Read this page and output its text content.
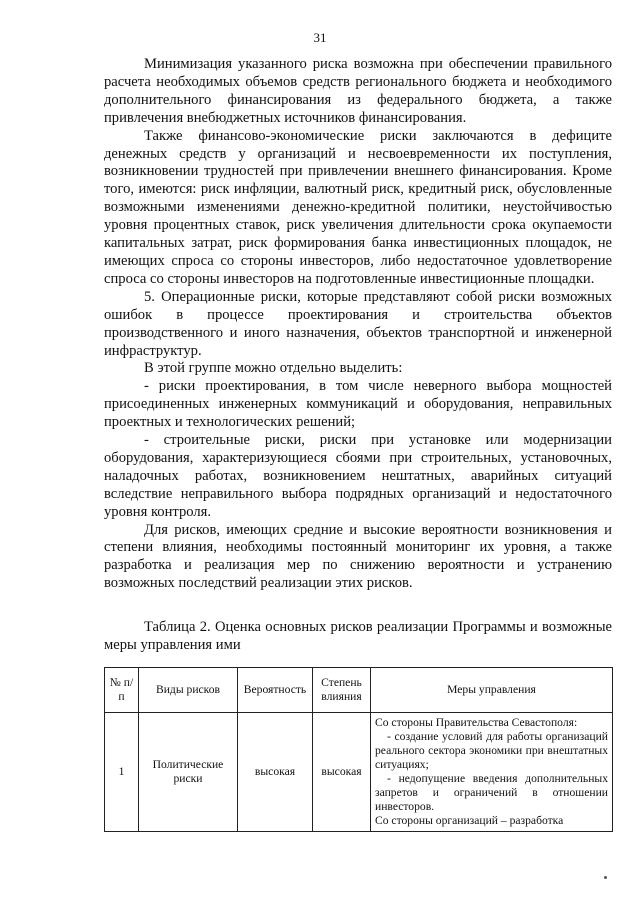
31

Минимизация указанного риска возможна при обеспечении правильного расчета необходимых объемов средств регионального бюджета и необходимого дополнительного финансирования из федерального бюджета, а также привлечения внебюджетных источников финансирования.

Также финансово-экономические риски заключаются в дефиците денежных средств у организаций и несвоевременности их поступления, возникновении трудностей при привлечении внешнего финансирования. Кроме того, имеются: риск инфляции, валютный риск, кредитный риск, обусловленные возможными изменениями денежно-кредитной политики, неустойчивостью уровня процентных ставок, риск увеличения длительности срока окупаемости капитальных затрат, риск формирования банка инвестиционных площадок, не имеющих спроса со стороны инвесторов, либо недостаточное удовлетворение спроса со стороны инвесторов на подготовленные инвестиционные площадки.

5. Операционные риски, которые представляют собой риски возможных ошибок в процессе проектирования и строительства объектов производственного и иного назначения, объектов транспортной и инженерной инфраструктур.

В этой группе можно отдельно выделить:

- риски проектирования, в том числе неверного выбора мощностей присоединенных инженерных коммуникаций и оборудования, неправильных проектных и технологических решений;

- строительные риски, риски при установке или модернизации оборудования, характеризующиеся сбоями при строительных, установочных, наладочных работах, возникновением нештатных, аварийных ситуаций вследствие неправильного выбора подрядных организаций и недостаточного уровня контроля.

Для рисков, имеющих средние и высокие вероятности возникновения и степени влияния, необходимы постоянный мониторинг их уровня, а также разработка и реализация мер по снижению вероятности и устранению возможных последствий реализации этих рисков.

Таблица 2. Оценка основных рисков реализации Программы и возможные меры управления ими

№ п/п	Виды рисков	Вероятность	Степень влияния	Меры управления
1	Политические риски	высокая	высокая	Со стороны Правительства Севастополя:

- создание условий для работы организаций реального сектора экономики при внештатных ситуациях;

- недопущение введения дополнительных запретов и ограничений в отношении инвесторов.

Со стороны организаций – разработка
